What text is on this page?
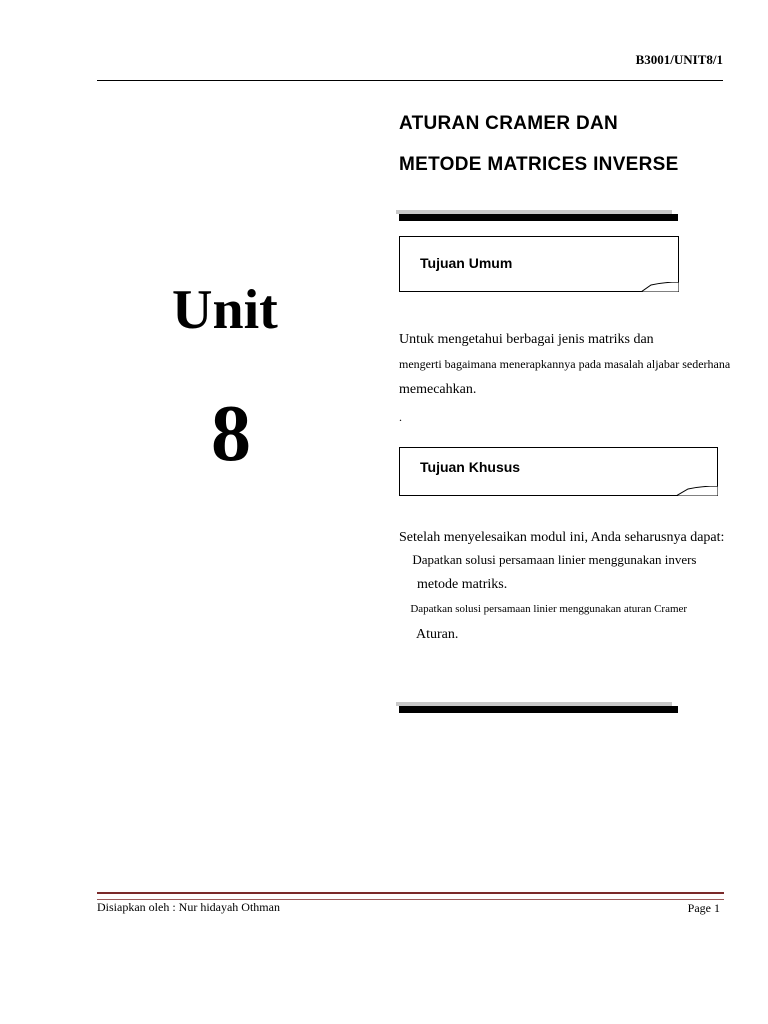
B3001/UNIT8/1
Unit
8
ATURAN CRAMER DAN
METODE MATRICES INVERSE
Tujuan Umum
Untuk mengetahui berbagai jenis matriks dan
mengerti bagaimana menerapkannya pada masalah aljabar sederhana
memecahkan.
.
Tujuan Khusus
Setelah menyelesaikan modul ini, Anda seharusnya dapat:
Dapatkan solusi persamaan linier menggunakan invers
metode matriks.
Dapatkan solusi persamaan linier menggunakan aturan Cramer
Aturan.
Disiapkan oleh : Nur hidayah Othman	Page 1
